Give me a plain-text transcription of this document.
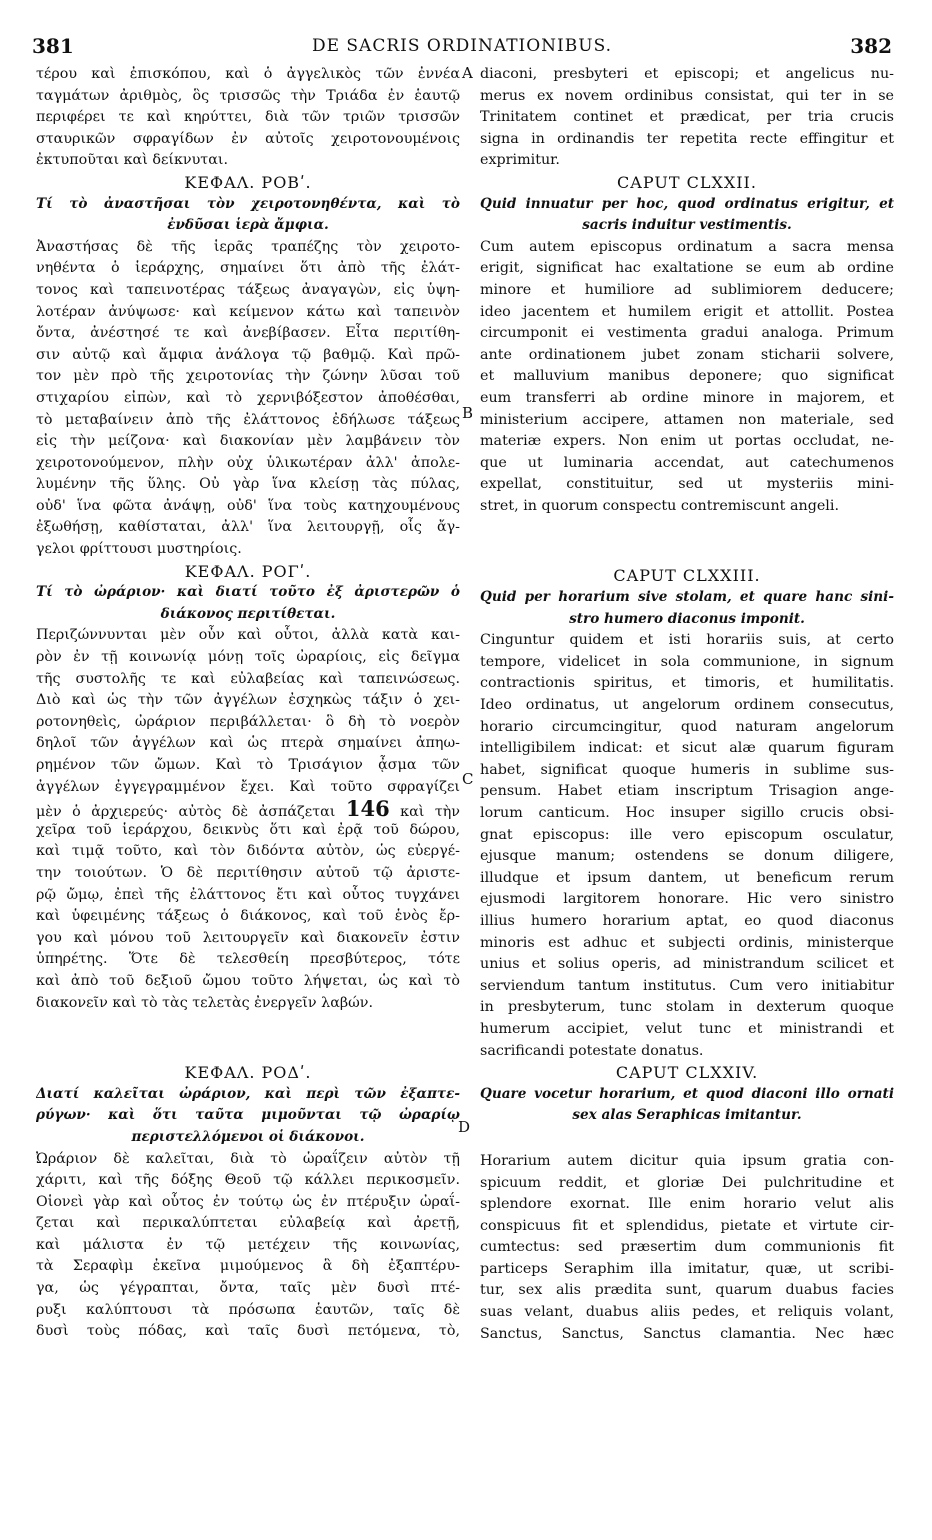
381	DE SACRIS ORDINATIONIBUS.	382
A
B
C
D
τέρου καὶ ἐπισκόπου, καὶ ὁ ἀγγελικὸς τῶν ἐννέα
ταγμάτων ἀριθμὸς, ὃς τρισσῶς τὴν Τριάδα ἐν ἑαυτῷ
περιφέρει τε καὶ κηρύττει, διὰ τῶν τριῶν τρισσῶν
σταυρικῶν σφραγίδων ἐν αὐτοῖς χειροτονουμένοις
ἐκτυποῦται καὶ δείκνυται.
ΚΕΦΑΛ. ΡΟΒʹ.
Τί τὸ ἀναστῆσαι τὸν χειροτονηθέντα, καὶ τὸ
ἐνδῦσαι ἱερὰ ἄμφια.
Ἀναστήσας δὲ τῆς ἱερᾶς τραπέζης τὸν χειροτο-
νηθέντα ὁ ἱεράρχης, σημαίνει ὅτι ἀπὸ τῆς ἐλάτ-
τονος καὶ ταπεινοτέρας τάξεως ἀναγαγὼν, εἰς ὑψη-
λοτέραν ἀνύψωσε· καὶ κείμενον κάτω καὶ ταπεινὸν
ὄντα, ἀνέστησέ τε καὶ ἀνεβίβασεν. Εἶτα περιτίθη-
σιν αὐτῷ καὶ ἄμφια ἀνάλογα τῷ βαθμῷ. Καὶ πρῶ-
τον μὲν πρὸ τῆς χειροτονίας τὴν ζώνην λῦσαι τοῦ
στιχαρίου εἰπὼν, καὶ τὸ χερνιβόξεστον ἀποθέσθαι,
τὸ μεταβαίνειν ἀπὸ τῆς ἐλάττονος ἐδήλωσε τάξεως
εἰς τὴν μείζονα· καὶ διακονίαν μὲν λαμβάνειν τὸν
χειροτονούμενον, πλὴν οὐχ ὑλικωτέραν ἀλλ' ἀπολε-
λυμένην τῆς ὕλης. Οὐ γὰρ ἵνα κλείσῃ τὰς πύλας,
οὐδ' ἵνα φῶτα ἀνάψῃ, οὐδ' ἵνα τοὺς κατηχουμένους
ἐξωθήσῃ, καθίσταται, ἀλλ' ἵνα λειτουργῇ, οἷς ἄγ-
γελοι φρίττουσι μυστηρίοις.
ΚΕΦΑΛ. ΡΟΓʹ.
Τί τὸ ὠράριον· καὶ διατί τοῦτο ἐξ ἀριστερῶν ὁ
διάκονος περιτίθεται.
Περιζώννυνται μὲν οὖν καὶ οὗτοι, ἀλλὰ κατὰ και-
ρὸν ἐν τῇ κοινωνίᾳ μόνῃ τοῖς ὠραρίοις, εἰς δεῖγμα
τῆς συστολῆς τε καὶ εὐλαβείας καὶ ταπεινώσεως.
Διὸ καὶ ὡς τὴν τῶν ἀγγέλων ἐσχηκὼς τάξιν ὁ χει-
ροτονηθεὶς, ὠράριον περιβάλλεται· ὃ δὴ τὸ νοερὸν
δηλοῖ τῶν ἀγγέλων καὶ ὡς πτερὰ σημαίνει ἀπηω-
ρημένον τῶν ὤμων. Καὶ τὸ Τρισάγιον ᾆσμα τῶν
ἀγγέλων ἐγγεγραμμένον ἔχει. Καὶ τοῦτο σφραγίζει
μὲν ὁ ἀρχιερεύς· αὐτὸς δὲ ἀσπάζεται 146 καὶ τὴν
χεῖρα τοῦ ἱεράρχου, δεικνὺς ὅτι καὶ ἐρᾷ τοῦ δώρου,
καὶ τιμᾷ τοῦτο, καὶ τὸν διδόντα αὐτὸν, ὡς εὐεργέ-
την τοιούτων. Ὁ δὲ περιτίθησιν αὐτοῦ τῷ ἀριστε-
ρῷ ὤμῳ, ἐπεὶ τῆς ἐλάττονος ἔτι καὶ οὗτος τυγχάνει
καὶ ὑφειμένης τάξεως ὁ διάκονος, καὶ τοῦ ἑνὸς ἔρ-
γου καὶ μόνου τοῦ λειτουργεῖν καὶ διακονεῖν ἐστιν
ὑπηρέτης. Ὅτε δὲ τελεσθείη πρεσβύτερος, τότε
καὶ ἀπὸ τοῦ δεξιοῦ ὤμου τοῦτο λήψεται, ὡς καὶ τὸ
διακονεῖν καὶ τὸ τὰς τελετὰς ἐνεργεῖν λαβών.
ΚΕΦΑΛ. ΡΟΔʹ.
Διατί καλεῖται ὠράριον, καὶ περὶ τῶν ἐξαπτε-
ρύγων· καὶ ὅτι ταῦτα μιμοῦνται τῷ ὠραρίῳ
περιστελλόμενοι οἱ διάκονοι.
Ὠράριον δὲ καλεῖται, διὰ τὸ ὡραΐζειν αὐτὸν τῇ
χάριτι, καὶ τῆς δόξης Θεοῦ τῷ κάλλει περικοσμεῖν.
Οἱονεὶ γὰρ καὶ οὗτος ἐν τούτῳ ὡς ἐν πτέρυξιν ὠραΐ-
ζεται καὶ περικαλύπτεται εὐλαβείᾳ καὶ ἀρετῇ,
καὶ μάλιστα ἐν τῷ μετέχειν τῆς κοινωνίας,
τὰ Σεραφὶμ ἐκεῖνα μιμούμενος ἃ δὴ ἐξαπτέρυ-
γα, ὡς γέγραπται, ὄντα, ταῖς μὲν δυσὶ πτέ-
ρυξι καλύπτουσι τὰ πρόσωπα ἑαυτῶν, ταῖς δὲ
δυσὶ τοὺς πόδας, καὶ ταῖς δυσὶ πετόμενα, τὸ,
diaconi, presbyteri et episcopi; et angelicus nu-
merus ex novem ordinibus consistat, qui ter in se
Trinitatem continet et prædicat, per tria crucis
signa in ordinandis ter repetita recte effingitur et
exprimitur.
CAPUT CLXXII.
Quid innuatur per hoc, quod ordinatus erigitur, et
sacris induitur vestimentis.
Cum autem episcopus ordinatum a sacra mensa
erigit, significat hac exaltatione se eum ab ordine
minore et humiliore ad sublimiorem deducere;
ideo jacentem et humilem erigit et attollit. Postea
circumponit ei vestimenta gradui analoga. Primum
ante ordinationem jubet zonam sticharii solvere,
et malluvium manibus deponere; quo significat
eum transferri ab ordine minore in majorem, et
ministerium accipere, attamen non materiale, sed
materiæ expers. Non enim ut portas occludat, ne-
que ut luminaria accendat, aut catechumenos
expellat, constituitur, sed ut mysteriis mini-
stret, in quorum conspectu contremiscunt angeli.
CAPUT CLXXIII.
Quid per horarium sive stolam, et quare hanc sini-
stro humero diaconus imponit.
Cinguntur quidem et isti horariis suis, at certo
tempore, videlicet in sola communione, in signum
contractionis spiritus, et timoris, et humilitatis.
Ideo ordinatus, ut angelorum ordinem consecutus,
horario circumcingitur, quod naturam angelorum
intelligibilem indicat: et sicut alæ quarum figuram
habet, significat quoque humeris in sublime sus-
pensum. Habet etiam inscriptum Trisagion ange-
lorum canticum. Hoc insuper sigillo crucis obsi-
gnat episcopus: ille vero episcopum osculatur,
ejusque manum; ostendens se donum diligere,
illudque et ipsum dantem, ut beneficum rerum
ejusmodi largitorem honorare. Hic vero sinistro
illius humero horarium aptat, eo quod diaconus
minoris est adhuc et subjecti ordinis, ministerque
unius et solius operis, ad ministrandum scilicet et
serviendum tantum institutus. Cum vero initiabitur
in presbyterum, tunc stolam in dexterum quoque
humerum accipiet, velut tunc et ministrandi et
sacrificandi potestate donatus.
CAPUT CLXXIV.
Quare vocetur horarium, et quod diaconi illo ornati
sex alas Seraphicas imitantur.
Horarium autem dicitur quia ipsum gratia con-
spicuum reddit, et gloriæ Dei pulchritudine et
splendore exornat. Ille enim horario velut alis
conspicuus fit et splendidus, pietate et virtute cir-
cumtectus: sed præsertim dum communionis fit
particeps Seraphim illa imitatur, quæ, ut scribi-
tur, sex alis prædita sunt, quarum duabus facies
suas velant, duabus aliis pedes, et reliquis volant,
Sanctus, Sanctus, Sanctus clamantia. Nec hæc
